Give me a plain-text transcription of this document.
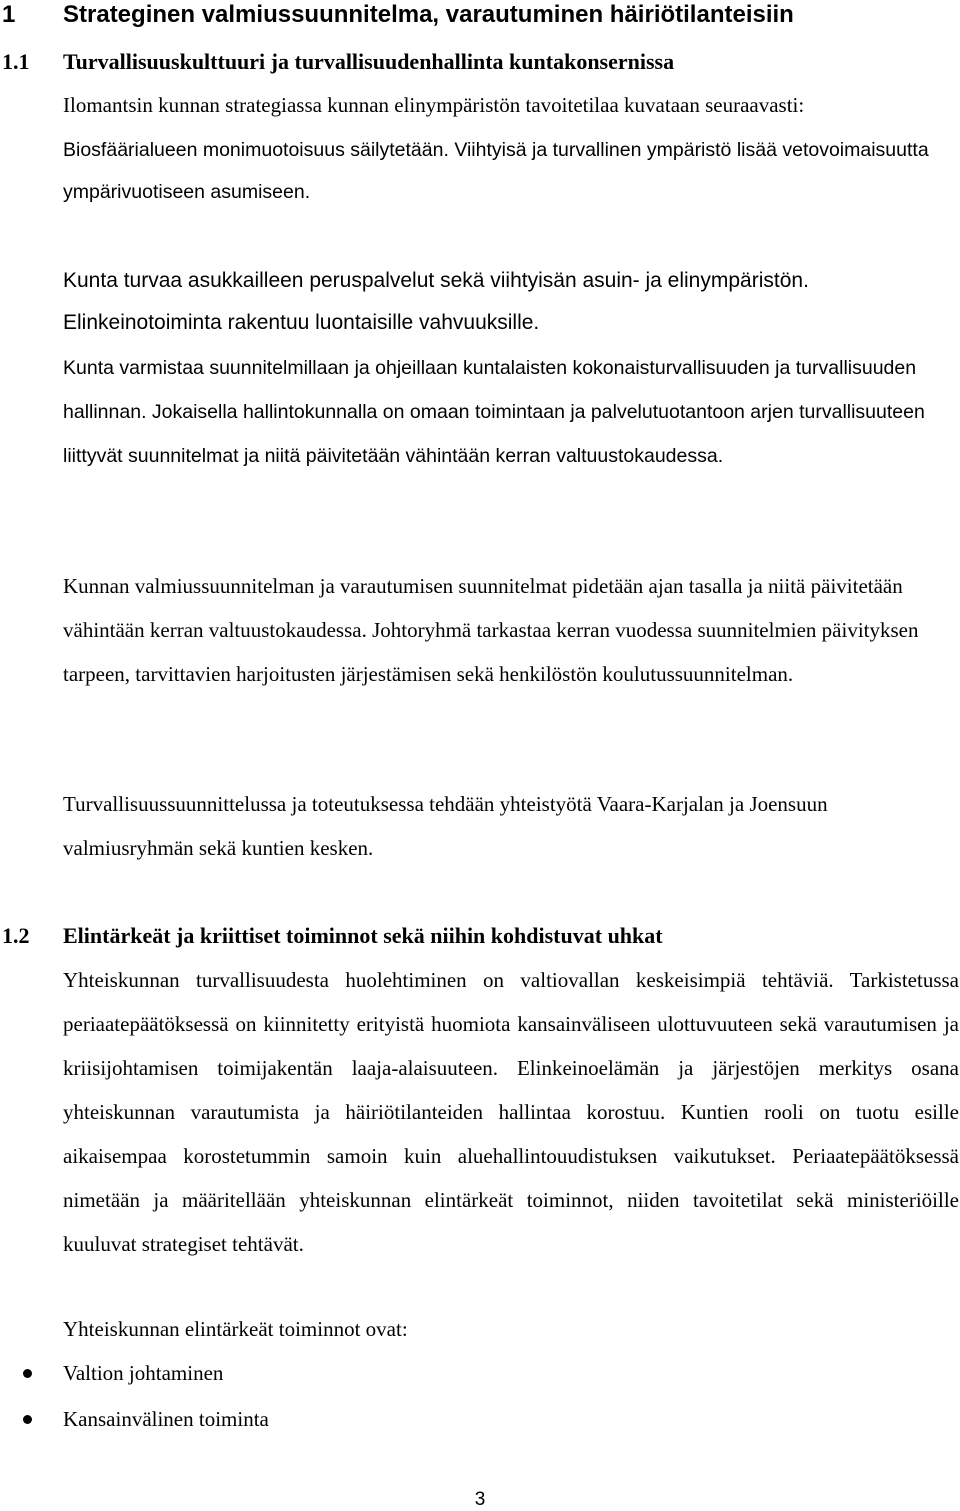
1 Strateginen valmiussuunnitelma, varautuminen häiriötilanteisiin
1.1 Turvallisuuskulttuuri ja turvallisuudenhallinta kuntakonsernissa
Ilomantsin kunnan strategiassa kunnan elinympäristön tavoitetilaa kuvataan seuraavasti:

Biosfäärialueen monimuotoisuus säilytetään. Viihtyisä ja turvallinen ympäristö lisää vetovoimaisuutta ympärivuotiseen asumiseen.

Kunta turvaa asukkailleen peruspalvelut sekä viihtyisän asuin- ja elinympäristön.
Elinkeinotoiminta rakentuu luontaisille vahvuuksille.

Kunta varmistaa suunnitelmillaan ja ohjeillaan kuntalaisten kokonaisturvallisuuden ja turvallisuuden hallinnan. Jokaisella hallintokunnalla on omaan toimintaan ja palvelutuotantoon arjen turvallisuuteen liittyvät suunnitelmat ja niitä päivitetään vähintään kerran valtuustokaudessa.

Kunnan valmiussuunnitelman ja varautumisen suunnitelmat pidetään ajan tasalla ja niitä päivitetään vähintään kerran valtuustokaudessa. Johtoryhmä tarkastaa kerran vuodessa suunnitelmien päivityksen tarpeen, tarvittavien harjoitusten järjestämisen sekä henkilöstön koulutussuunnitelman.

Turvallisuussuunnittelussa ja toteutuksessa tehdään yhteistyötä Vaara-Karjalan ja Joensuun valmiusryhmän sekä kuntien kesken.

1.2 Elintärkeät ja kriittiset toiminnot sekä niihin kohdistuvat uhkat

Yhteiskunnan turvallisuudesta huolehtiminen on valtiovallan keskeisimpiä tehtäviä. Tarkistetussa periaatepäätöksessä on kiinnitetty erityistä huomiota kansainväliseen ulottuvuuteen sekä varautumisen ja kriisijohtamisen toimijakentän laaja-alaisuuteen. Elinkeinoelämän ja järjestöjen merkitys osana yhteiskunnan varautumista ja häiriötilanteiden hallintaa korostuu. Kuntien rooli on tuotu esille aikaisempaa korostetummin samoin kuin aluehallintouudistuksen vaikutukset. Periaatepäätöksessä nimetään ja määritellään yhteiskunnan elintärkeät toiminnot, niiden tavoitetilat sekä ministeriöille kuuluvat strategiset tehtävät.

Yhteiskunnan elintärkeät toiminnot ovat:
Valtion johtaminen
Kansainvälinen toiminta
3
